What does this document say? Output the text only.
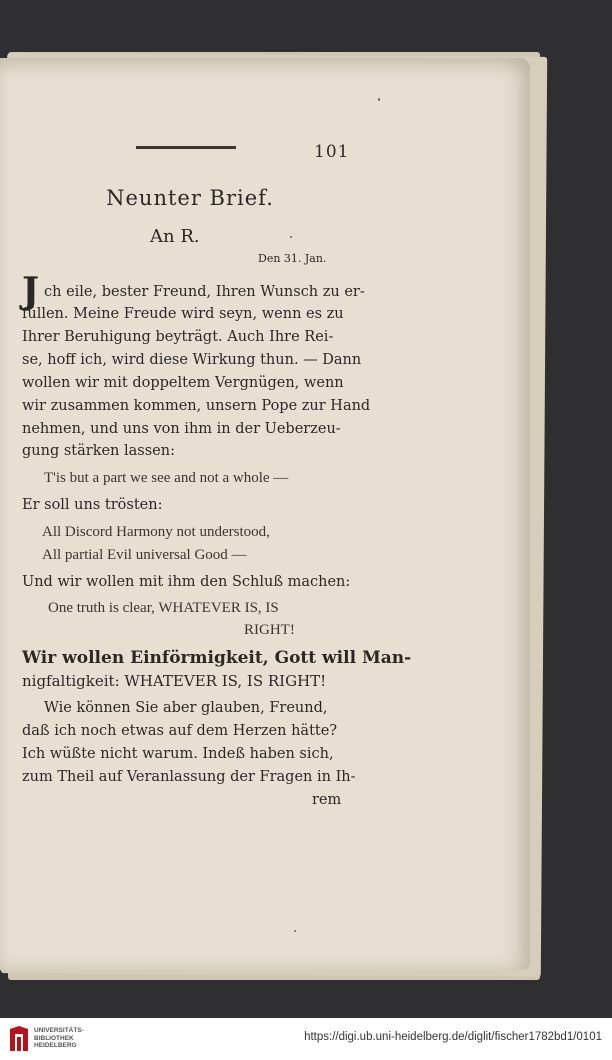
101
Neunter Brief.
An R.
Den 31. Jan.
J ch eile, bester Freund, Ihren Wunsch zu er-
füllen. Meine Freude wird seyn, wenn es zu
Ihrer Beruhigung beyträgt. Auch Ihre Rei-
se, hoff ich, wird diese Wirkung thun. — Dann
wollen wir mit doppeltem Vergnügen, wenn
wir zusammen kommen, unsern Pope zur Hand
nehmen, und uns von ihm in der Ueberzeu-
gung stärken lassen:
T'is but a part we see and not a whole —
Er soll uns trösten:
All Discord Harmony not understood,
All partial Evil universal Good —
Und wir wollen mit ihm den Schluß machen:
One truth is clear, WHATEVER IS, IS
RIGHT!
Wir wollen Einförmigkeit, Gott will Man-
nigfaltigkeit: WHATEVER IS, IS RIGHT!
Wie können Sie aber glauben, Freund,
daß ich noch etwas auf dem Herzen hätte?
Ich wüßte nicht warum. Indeß haben sich,
zum Theil auf Veranlassung der Fragen in Ih-
rem
UNIVERSITÄTS-
BIBLIOTHEK
HEIDELBERG
https://digi.ub.uni-heidelberg.de/diglit/fischer1782bd1/0101
